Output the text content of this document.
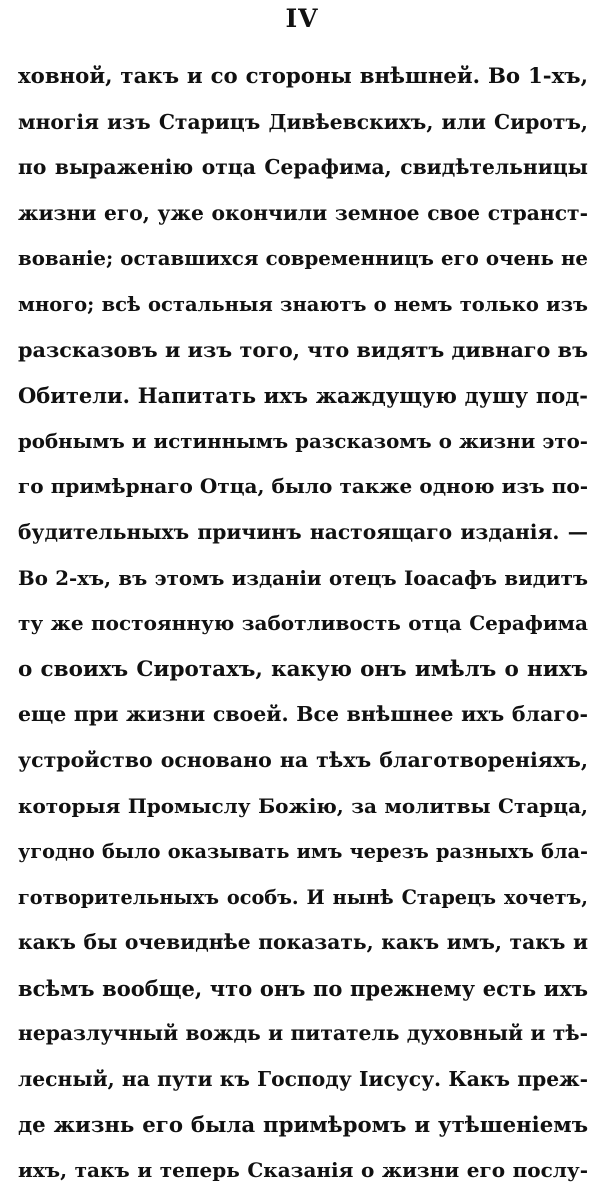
IV
ховной, такъ и со стороны внѣшней. Во 1-хъ,
многія изъ Старицъ Дивѣевскихъ, или Сиротъ,
по выраженію отца Серафима, свидѣтельницы
жизни его, уже окончили земное свое странст-
вованіе; оставшихся современницъ его очень не
много; всѣ остальныя знаютъ о немъ только изъ
разсказовъ и изъ того, что видятъ дивнаго въ
Обители. Напитать ихъ жаждущую душу под-
робнымъ и истиннымъ разсказомъ о жизни это-
го примѣрнаго Отца, было также одною изъ по-
будительныхъ причинъ настоящаго изданія. —
Во 2-хъ, въ этомъ изданіи отецъ Іоасафъ видитъ
ту же постоянную заботливость отца Серафима
о своихъ Сиротахъ, какую онъ имѣлъ о нихъ
еще при жизни своей. Все внѣшнее ихъ благо-
устройство основано на тѣхъ благотвореніяхъ,
которыя Промыслу Божію, за молитвы Старца,
угодно было оказывать имъ черезъ разныхъ бла-
готворительныхъ особъ. И нынѣ Старецъ хочетъ,
какъ бы очевиднѣе показать, какъ имъ, такъ и
всѣмъ вообще, что онъ по прежнему есть ихъ
неразлучный вождь и питатель духовный и тѣ-
лесный, на пути къ Господу Іисусу. Какъ преж-
де жизнь его была примѣромъ и утѣшеніемъ
ихъ, такъ и теперь Сказанія о жизни его послу-
